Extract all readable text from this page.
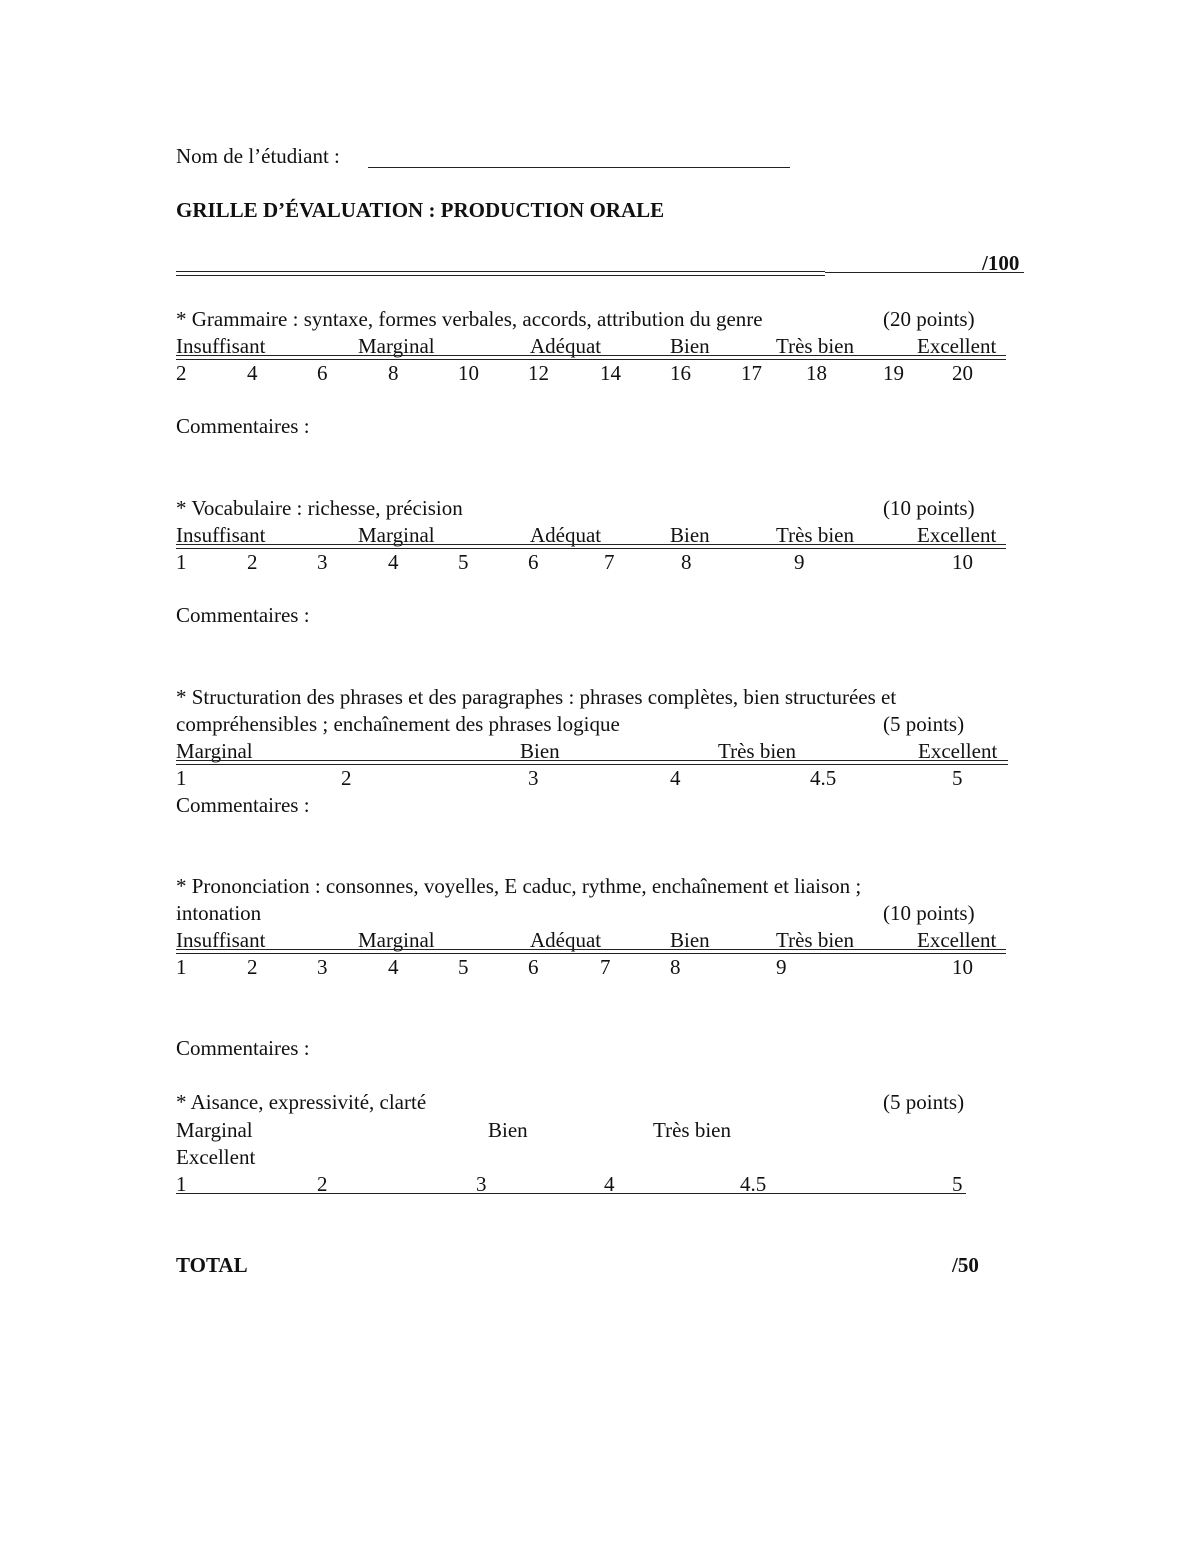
Nom de l’étudiant :
GRILLE D’ÉVALUATION : PRODUCTION ORALE
/100
* Grammaire : syntaxe, formes verbales, accords, attribution du genre	(20 points)
Insuffisant	Marginal	Adéquat	Bien	Très bien	Excellent
2	4	6	8	10 12 14 16 17 18	19 20
Commentaires :
* Vocabulaire : richesse, précision	(10 points)
Insuffisant	Marginal	Adéquat	Bien	Très bien	Excellent
1	2	3	4	5	6	7	8	9	10
Commentaires :
* Structuration des phrases et des paragraphes : phrases complètes, bien structurées et
compréhensibles ; enchaînement des phrases logique	(5 points)
Marginal	Bien	Très bien	Excellent
1	2	3	4	4.5	5
Commentaires :
* Prononciation : consonnes, voyelles, E caduc, rythme, enchaînement et liaison ;
intonation	(10 points)
Insuffisant	Marginal	Adéquat	Bien	Très bien	Excellent
1	2	3	4	5	6	7	8	9	10
Commentaires :
* Aisance, expressivité, clarté	(5 points)
Marginal	Bien	Très bien
Excellent
1	2	3	4	4.5	5
TOTAL	/50
